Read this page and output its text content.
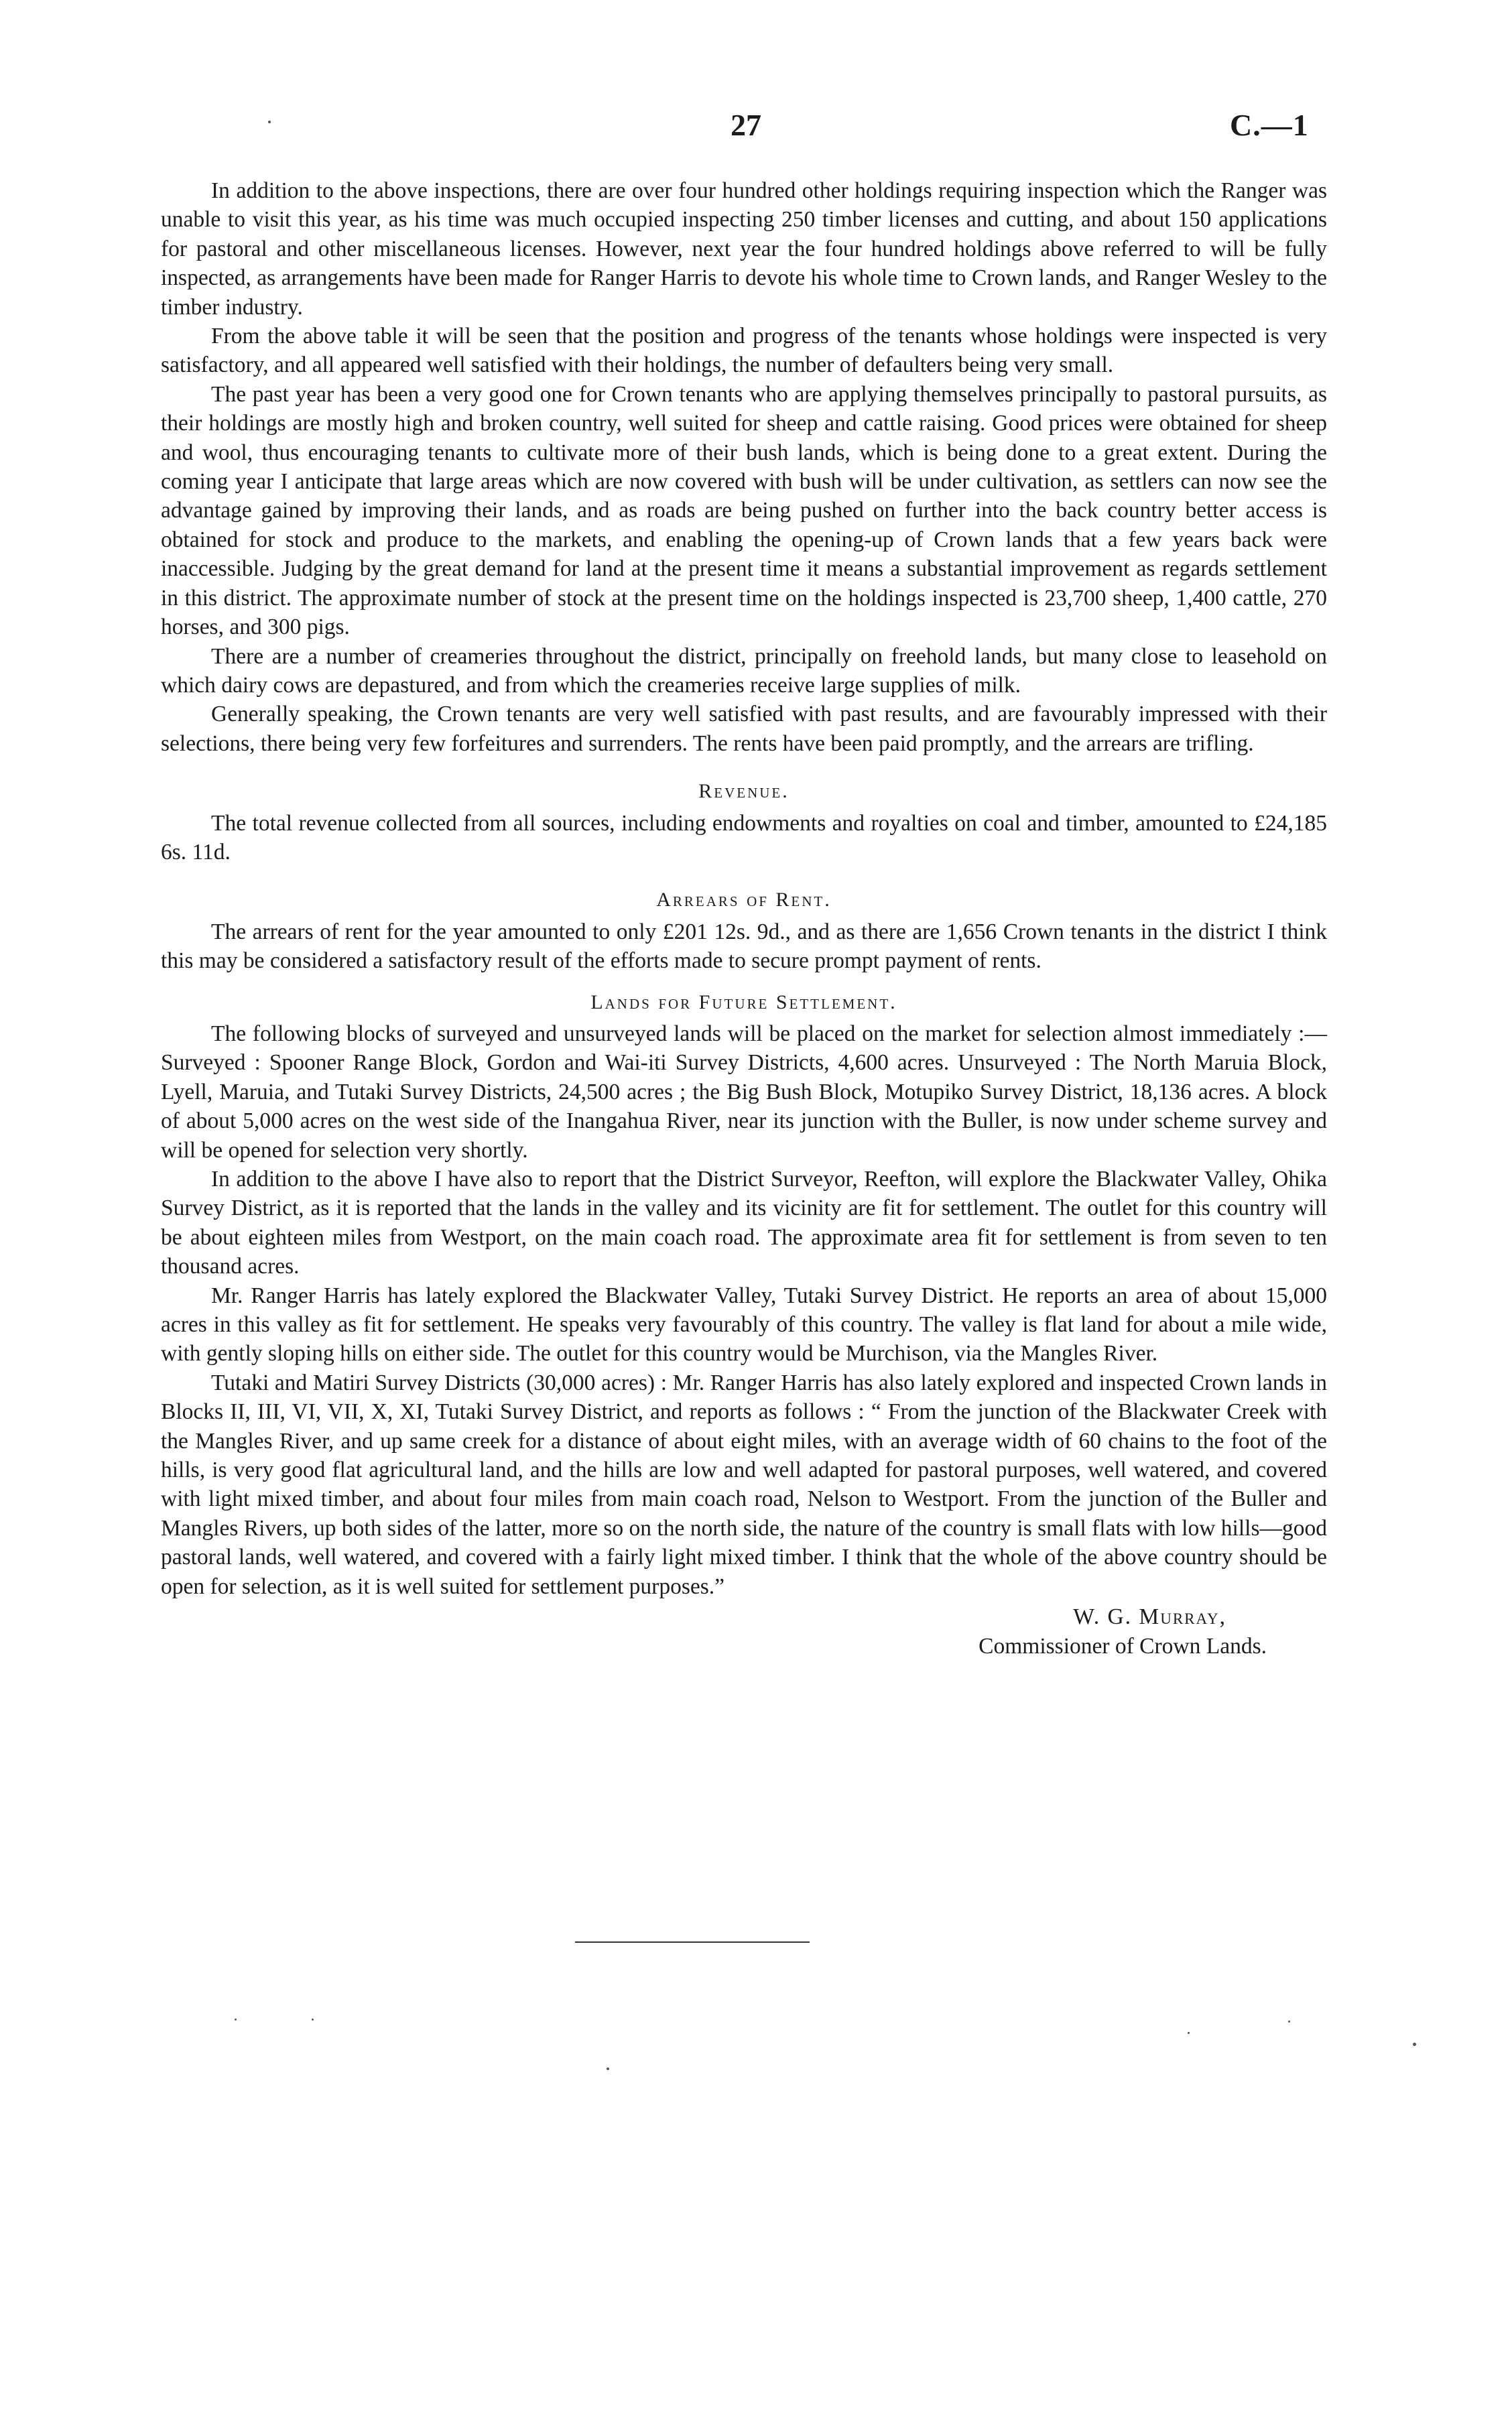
27	C.—1

In addition to the above inspections, there are over four hundred other holdings requiring inspection which the Ranger was unable to visit this year, as his time was much occupied inspecting 250 timber licenses and cutting, and about 150 applications for pastoral and other miscellaneous licenses. However, next year the four hundred holdings above referred to will be fully inspected, as arrangements have been made for Ranger Harris to devote his whole time to Crown lands, and Ranger Wesley to the timber industry.

From the above table it will be seen that the position and progress of the tenants whose holdings were inspected is very satisfactory, and all appeared well satisfied with their holdings, the number of defaulters being very small.

The past year has been a very good one for Crown tenants who are applying themselves principally to pastoral pursuits, as their holdings are mostly high and broken country, well suited for sheep and cattle raising. Good prices were obtained for sheep and wool, thus encouraging tenants to cultivate more of their bush lands, which is being done to a great extent. During the coming year I anticipate that large areas which are now covered with bush will be under cultivation, as settlers can now see the advantage gained by improving their lands, and as roads are being pushed on further into the back country better access is obtained for stock and produce to the markets, and enabling the opening-up of Crown lands that a few years back were inaccessible. Judging by the great demand for land at the present time it means a substantial improvement as regards settlement in this district. The approximate number of stock at the present time on the holdings inspected is 23,700 sheep, 1,400 cattle, 270 horses, and 300 pigs.

There are a number of creameries throughout the district, principally on freehold lands, but many close to leasehold on which dairy cows are depastured, and from which the creameries receive large supplies of milk.

Generally speaking, the Crown tenants are very well satisfied with past results, and are favourably impressed with their selections, there being very few forfeitures and surrenders. The rents have been paid promptly, and the arrears are trifling.

Revenue.

The total revenue collected from all sources, including endowments and royalties on coal and timber, amounted to £24,185 6s. 11d.

Arrears of Rent.

The arrears of rent for the year amounted to only £201 12s. 9d., and as there are 1,656 Crown tenants in the district I think this may be considered a satisfactory result of the efforts made to secure prompt payment of rents.

Lands for Future Settlement.

The following blocks of surveyed and unsurveyed lands will be placed on the market for selection almost immediately :—Surveyed : Spooner Range Block, Gordon and Wai-iti Survey Districts, 4,600 acres. Unsurveyed : The North Maruia Block, Lyell, Maruia, and Tutaki Survey Districts, 24,500 acres ; the Big Bush Block, Motupiko Survey District, 18,136 acres. A block of about 5,000 acres on the west side of the Inangahua River, near its junction with the Buller, is now under scheme survey and will be opened for selection very shortly.

In addition to the above I have also to report that the District Surveyor, Reefton, will explore the Blackwater Valley, Ohika Survey District, as it is reported that the lands in the valley and its vicinity are fit for settlement. The outlet for this country will be about eighteen miles from Westport, on the main coach road. The approximate area fit for settlement is from seven to ten thousand acres.

Mr. Ranger Harris has lately explored the Blackwater Valley, Tutaki Survey District. He reports an area of about 15,000 acres in this valley as fit for settlement. He speaks very favourably of this country. The valley is flat land for about a mile wide, with gently sloping hills on either side. The outlet for this country would be Murchison, via the Mangles River.

Tutaki and Matiri Survey Districts (30,000 acres) : Mr. Ranger Harris has also lately explored and inspected Crown lands in Blocks II, III, VI, VII, X, XI, Tutaki Survey District, and reports as follows : “ From the junction of the Blackwater Creek with the Mangles River, and up same creek for a distance of about eight miles, with an average width of 60 chains to the foot of the hills, is very good flat agricultural land, and the hills are low and well adapted for pastoral purposes, well watered, and covered with light mixed timber, and about four miles from main coach road, Nelson to Westport. From the junction of the Buller and Mangles Rivers, up both sides of the latter, more so on the north side, the nature of the country is small flats with low hills—good pastoral lands, well watered, and covered with a fairly light mixed timber. I think that the whole of the above country should be open for selection, as it is well suited for settlement purposes.”

W. G. Murray,
Commissioner of Crown Lands.
